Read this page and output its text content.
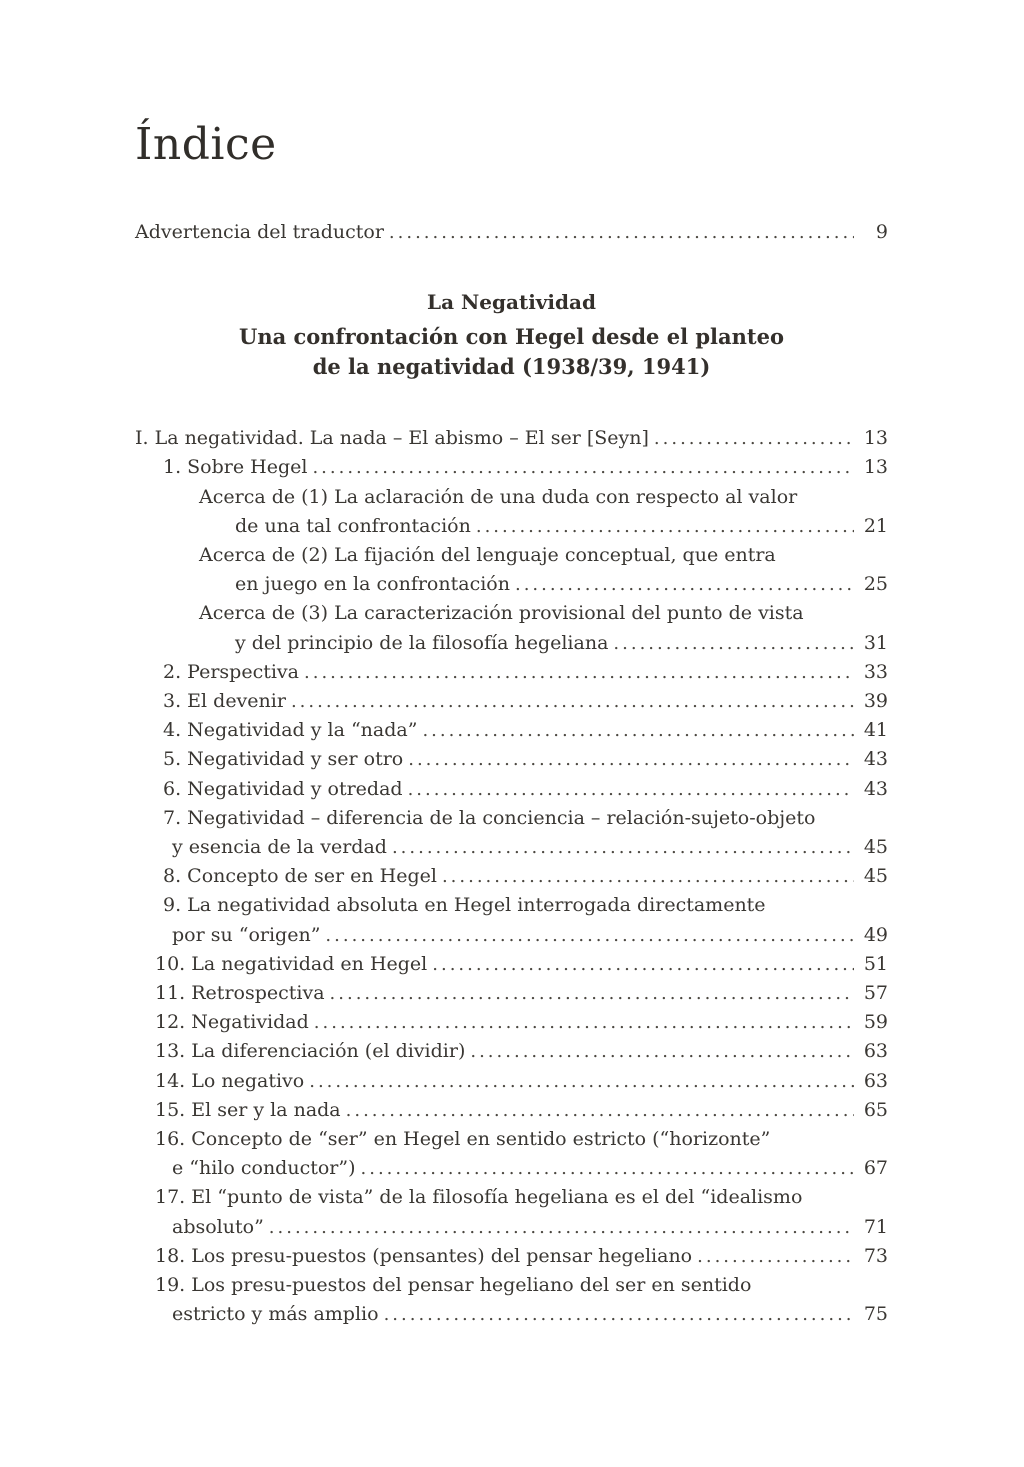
Índice
Advertencia del traductor .....	9
La Negatividad
Una confrontación con Hegel desde el planteo
de la negatividad (1938/39, 1941)
I. La negatividad. La nada – El abismo – El ser [Seyn] .....	13
1. Sobre Hegel .....	13
Acerca de (1) La aclaración de una duda con respecto al valor
de una tal confrontación .....	21
Acerca de (2) La fijación del lenguaje conceptual, que entra
en juego en la confrontación .....	25
Acerca de (3) La caracterización provisional del punto de vista
y del principio de la filosofía hegeliana .....	31
2. Perspectiva .....	33
3. El devenir .....	39
4. Negatividad y la “nada” .....	41
5. Negatividad y ser otro .....	43
6. Negatividad y otredad .....	43
7. Negatividad – diferencia de la conciencia – relación-sujeto-objeto
y esencia de la verdad .....	45
8. Concepto de ser en Hegel .....	45
9. La negatividad absoluta en Hegel interrogada directamente
por su “origen” .....	49
10. La negatividad en Hegel .....	51
11. Retrospectiva .....	57
12. Negatividad .....	59
13. La diferenciación (el dividir) .....	63
14. Lo negativo .....	63
15. El ser y la nada .....	65
16. Concepto de “ser” en Hegel en sentido estricto (“horizonte”
e “hilo conductor”) .....	67
17. El “punto de vista” de la filosofía hegeliana es el del “idealismo
absoluto” .....	71
18. Los presu-puestos (pensantes) del pensar hegeliano .....	73
19. Los presu-puestos del pensar hegeliano del ser en sentido
estricto y más amplio .....	75
